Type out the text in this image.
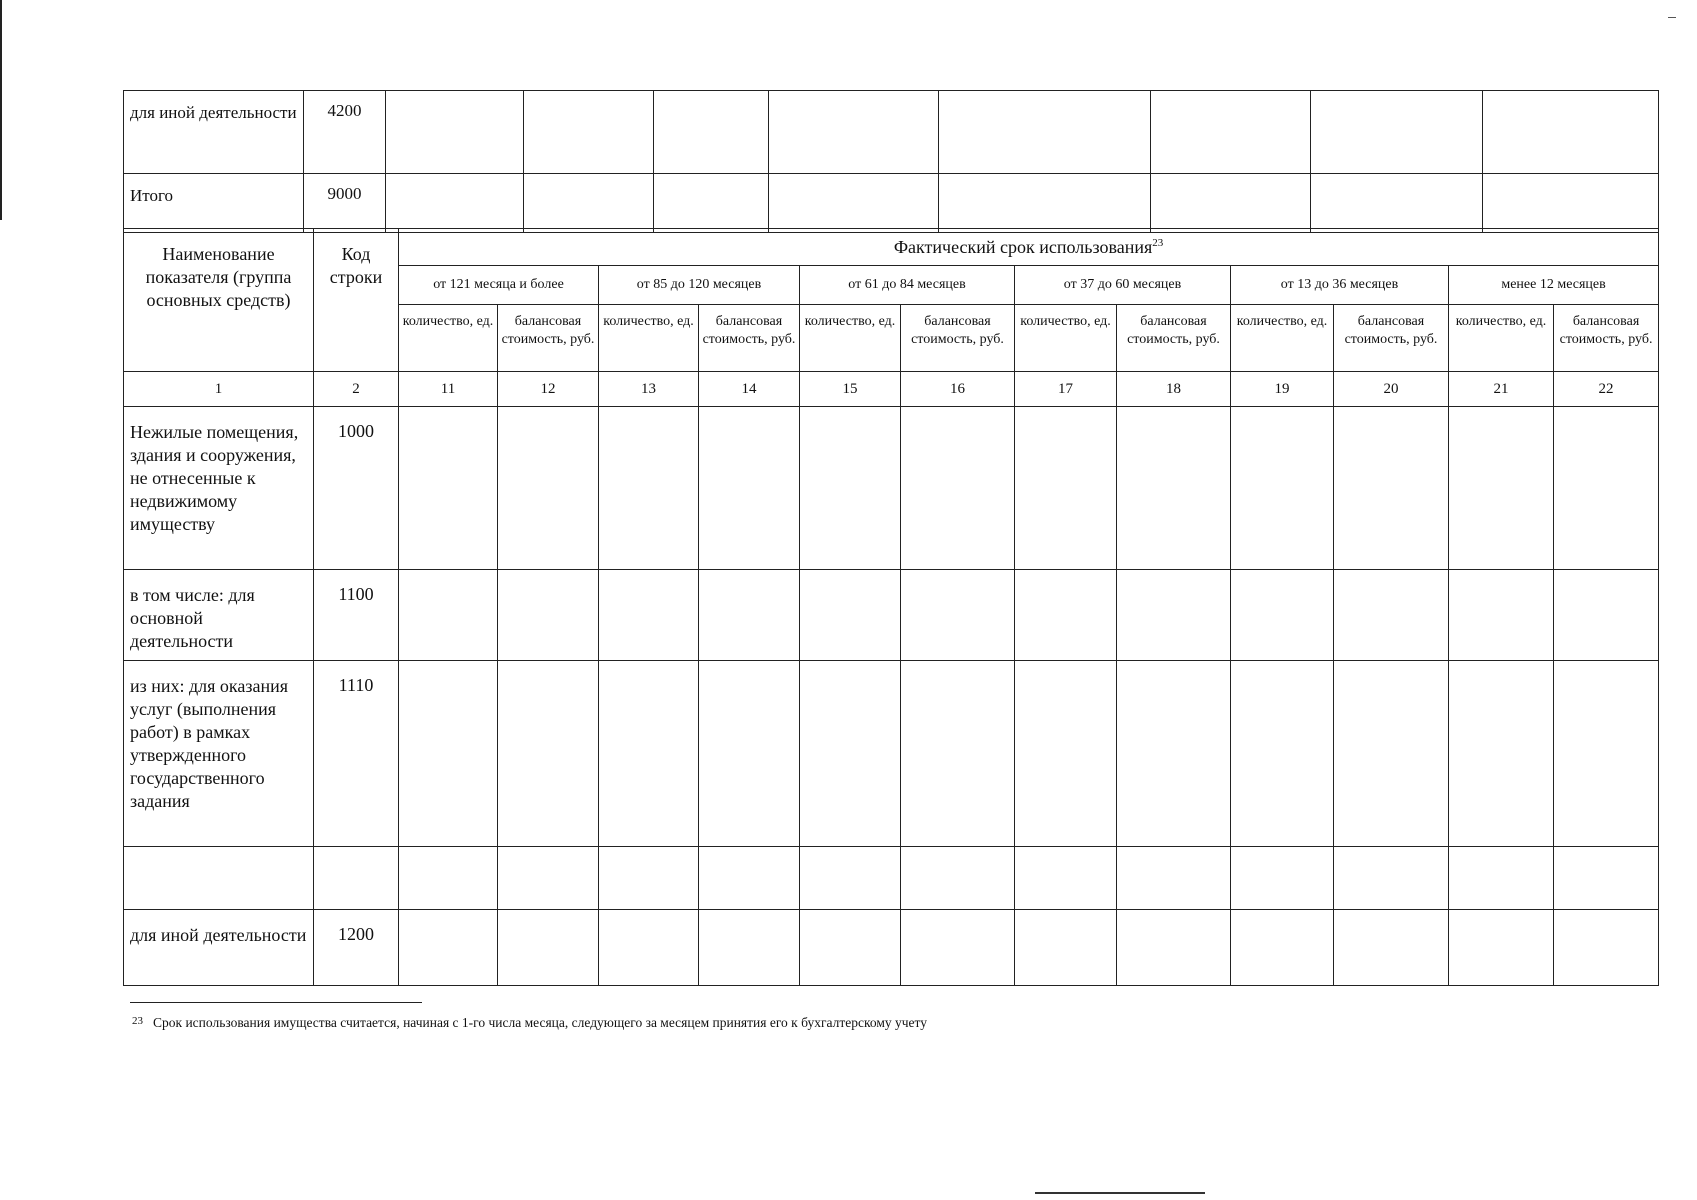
для иной деятельности	4200								
Итого	9000								
Наименование показателя (группа основных средств)	Код строки	Фактический срок использования$^{23}$
		от 121 месяца и более		от 85 до 120 месяцев		от 61 до 84 месяцев		от 37 до 60 месяцев		от 13 до 36 месяцев		менее 12 месяцев	
		количество, ед.	балансовая стоимость, руб.	количество, ед.	балансовая стоимость, руб.	количество, ед.	балансовая стоимость, руб.	количество, ед.	балансовая стоимость, руб.	количество, ед.	балансовая стоимость, руб.	количество, ед.	балансовая стоимость, руб.
1	2	11	12	13	14	15	16	17	18	19	20	21	22
Нежилые помещения, здания и сооружения, не отнесенные к недвижимому имуществу	1000												
в том числе: для основной деятельности	1100												
из них: для оказания услуг (выполнения работ) в рамках утвержденного государственного задания	1110												

для иной деятельности	1200												
$^{23}$ Срок использования имущества считается, начиная с 1-го числа месяца, следующего за месяцем принятия его к бухгалтерскому учету
